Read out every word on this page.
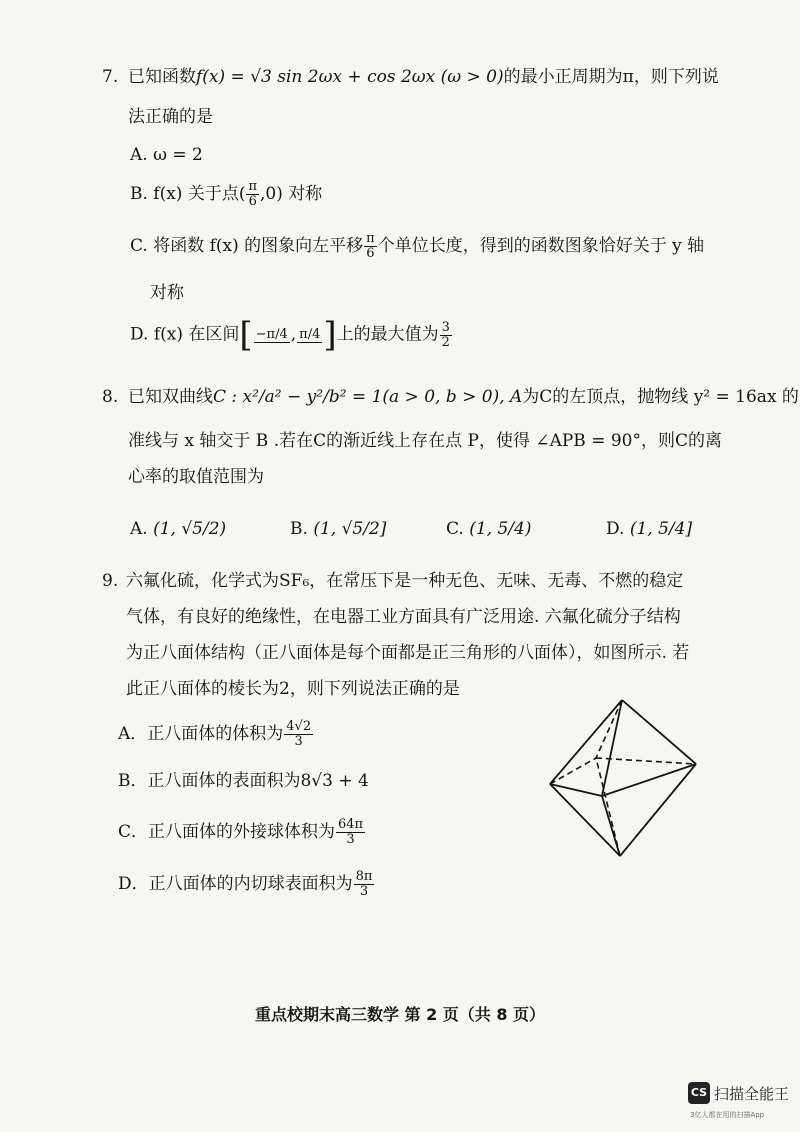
7. 已知函数f(x) = √3 sin 2ωx + cos 2ωx (ω > 0)的最小正周期为π，则下列说
法正确的是
A. ω = 2
B. f(x) 关于点( $\frac{\pi}{6} ,0$) 对称
C. 将函数 f(x) 的图象向左平移 $\frac{\pi}{6}$ 个单位长度，得到的函数图象恰好关于 y 轴
对称
D. f(x) 在区间[ −π/4 , π/4 ]上的最大值为 $\frac{3}{2}$
8. 已知双曲线C : x²/a² − y²/b² = 1(a > 0, b > 0), A为C的左顶点，抛物线 y² = 16ax 的
准线与 x 轴交于 B .若在C的渐近线上存在点 P，使得 ∠APB = 90°，则C的离
心率的取值范围为
A. (1, √5/2)	B. (1, √5/2]	C. (1, 5/4)	D. (1, 5/4]
9. 六氟化硫，化学式为SF₆，在常压下是一种无色、无味、无毒、不燃的稳定
气体，有良好的绝缘性，在电器工业方面具有广泛用途. 六氟化硫分子结构
为正八面体结构（正八面体是每个面都是正三角形的八面体），如图所示. 若
此正八面体的棱长为2，则下列说法正确的是
A．正八面体的体积为 $\frac{4√2}{3}$
B．正八面体的表面积为8√3 + 4
C．正八面体的外接球体积为 $\frac{64\pi}{3}$
D．正八面体的内切球表面积为 $\frac{8\pi}{3}$
重点校期末高三数学 第 2 页（共 8 页）
CS 扫描全能王
3亿人都在用的扫描App
